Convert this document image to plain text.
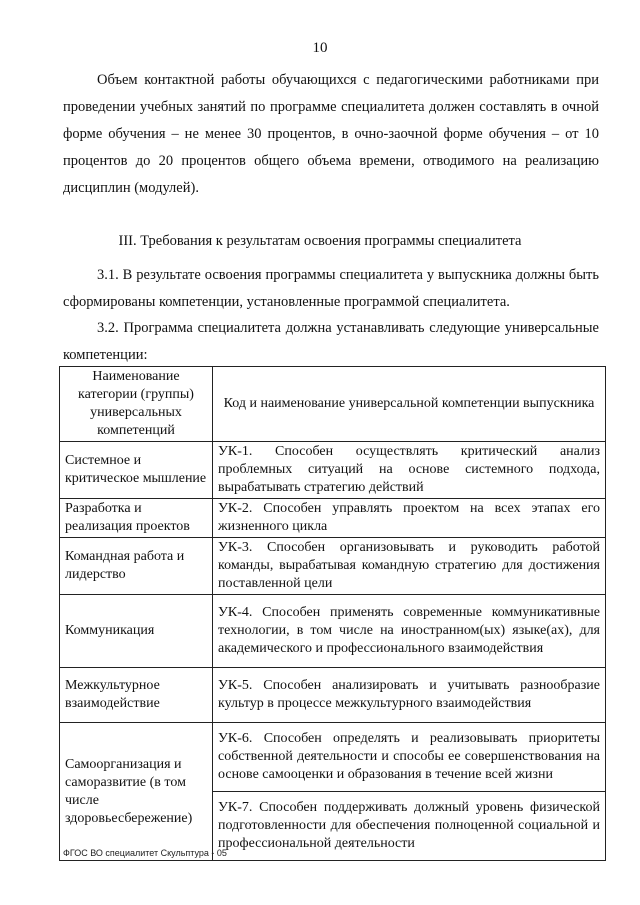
10

Объем контактной работы обучающихся с педагогическими работниками при проведении учебных занятий по программе специалитета должен составлять в очной форме обучения – не менее 30 процентов, в очно-заочной форме обучения – от 10 процентов до 20 процентов общего объема времени, отводимого на реализацию дисциплин (модулей).

III. Требования к результатам освоения программы специалитета

3.1. В результате освоения программы специалитета у выпускника должны быть сформированы компетенции, установленные программой специалитета.

3.2. Программа специалитета должна устанавливать следующие универсальные компетенции:

Наименование категории (группы) универсальных компетенций	Код и наименование универсальной компетенции выпускника
Системное и критическое мышление	УК-1. Способен осуществлять критический анализ проблемных ситуаций на основе системного подхода, вырабатывать стратегию действий
Разработка и реализация проектов	УК-2. Способен управлять проектом на всех этапах его жизненного цикла
Командная работа и лидерство	УК-3. Способен организовывать и руководить работой команды, вырабатывая командную стратегию для достижения поставленной цели
Коммуникация	УК-4. Способен применять современные коммуникативные технологии, в том числе на иностранном(ых) языке(ах), для академического и профессионального взаимодействия
Межкультурное взаимодействие	УК-5. Способен анализировать и учитывать разнообразие культур в процессе межкультурного взаимодействия
Самоорганизация и саморазвитие (в том числе здоровьесбережение)	УК-6. Способен определять и реализовывать приоритеты собственной деятельности и способы ее совершенствования на основе самооценки и образования в течение всей жизни
	УК-7. Способен поддерживать должный уровень физической подготовленности для обеспечения полноценной социальной и профессиональной деятельности
ФГОС ВО специалитет Скульптура - 05
